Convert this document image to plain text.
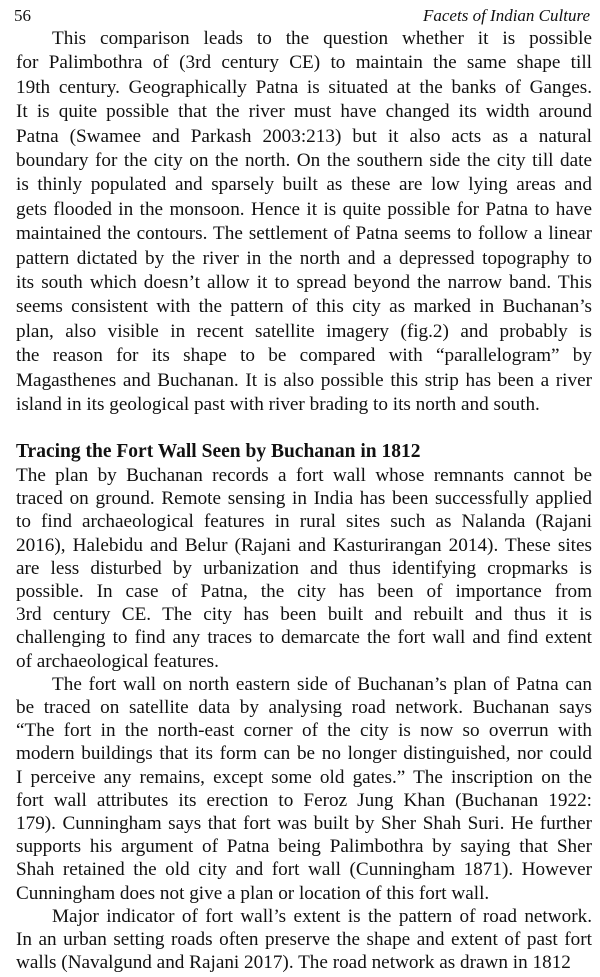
56	Facets of Indian Culture
This comparison leads to the question whether it is possible
for Palimbothra of (3rd century CE) to maintain the same shape till
19th century. Geographically Patna is situated at the banks of Ganges.
It is quite possible that the river must have changed its width around
Patna (Swamee and Parkash 2003:213) but it also acts as a natural
boundary for the city on the north. On the southern side the city till date
is thinly populated and sparsely built as these are low lying areas and
gets flooded in the monsoon. Hence it is quite possible for Patna to have
maintained the contours. The settlement of Patna seems to follow a linear
pattern dictated by the river in the north and a depressed topography to
its south which doesn’t allow it to spread beyond the narrow band. This
seems consistent with the pattern of this city as marked in Buchanan’s
plan, also visible in recent satellite imagery (fig.2) and probably is
the reason for its shape to be compared with “parallelogram” by
Magasthenes and Buchanan. It is also possible this strip has been a river
island in its geological past with river brading to its north and south.
Tracing the Fort Wall Seen by Buchanan in 1812
The plan by Buchanan records a fort wall whose remnants cannot be
traced on ground. Remote sensing in India has been successfully applied
to find archaeological features in rural sites such as Nalanda (Rajani
2016), Halebidu and Belur (Rajani and Kasturirangan 2014). These sites
are less disturbed by urbanization and thus identifying cropmarks is
possible. In case of Patna, the city has been of importance from
3rd century CE. The city has been built and rebuilt and thus it is
challenging to find any traces to demarcate the fort wall and find extent
of archaeological features.
The fort wall on north eastern side of Buchanan’s plan of Patna can
be traced on satellite data by analysing road network. Buchanan says
“The fort in the north-east corner of the city is now so overrun with
modern buildings that its form can be no longer distinguished, nor could
I perceive any remains, except some old gates.” The inscription on the
fort wall attributes its erection to Feroz Jung Khan (Buchanan 1922:
179). Cunningham says that fort was built by Sher Shah Suri. He further
supports his argument of Patna being Palimbothra by saying that Sher
Shah retained the old city and fort wall (Cunningham 1871). However
Cunningham does not give a plan or location of this fort wall.
Major indicator of fort wall’s extent is the pattern of road network.
In an urban setting roads often preserve the shape and extent of past fort
walls (Navalgund and Rajani 2017). The road network as drawn in 1812
